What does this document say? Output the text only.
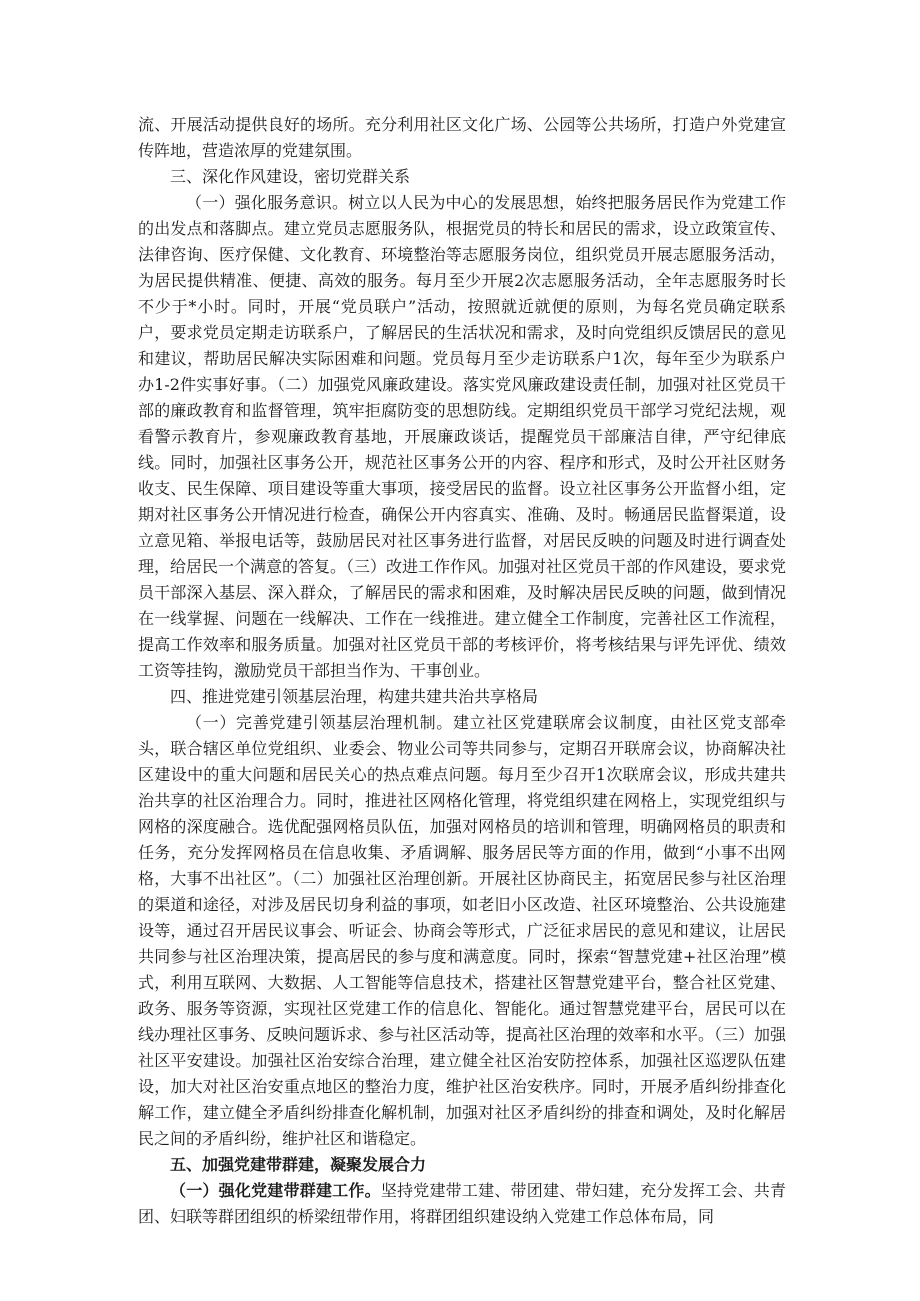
流、开展活动提供良好的场所。充分利用社区文化广场、公园等公共场所，打造户外党建宣传阵地，营造浓厚的党建氛围。

三、深化作风建设，密切党群关系

（一）强化服务意识。树立以人民为中心的发展思想，始终把服务居民作为党建工作的出发点和落脚点。建立党员志愿服务队，根据党员的特长和居民的需求，设立政策宣传、法律咨询、医疗保健、文化教育、环境整治等志愿服务岗位，组织党员开展志愿服务活动，为居民提供精准、便捷、高效的服务。每月至少开展2次志愿服务活动，全年志愿服务时长不少于*小时。同时，开展“党员联户”活动，按照就近就便的原则，为每名党员确定联系户，要求党员定期走访联系户，了解居民的生活状况和需求，及时向党组织反馈居民的意见和建议，帮助居民解决实际困难和问题。党员每月至少走访联系户1次，每年至少为联系户办1-2件实事好事。（二）加强党风廉政建设。落实党风廉政建设责任制，加强对社区党员干部的廉政教育和监督管理，筑牢拒腐防变的思想防线。定期组织党员干部学习党纪法规，观看警示教育片，参观廉政教育基地，开展廉政谈话，提醒党员干部廉洁自律，严守纪律底线。同时，加强社区事务公开，规范社区事务公开的内容、程序和形式，及时公开社区财务收支、民生保障、项目建设等重大事项，接受居民的监督。设立社区事务公开监督小组，定期对社区事务公开情况进行检查，确保公开内容真实、准确、及时。畅通居民监督渠道，设立意见箱、举报电话等，鼓励居民对社区事务进行监督，对居民反映的问题及时进行调查处理，给居民一个满意的答复。（三）改进工作作风。加强对社区党员干部的作风建设，要求党员干部深入基层、深入群众，了解居民的需求和困难，及时解决居民反映的问题，做到情况在一线掌握、问题在一线解决、工作在一线推进。建立健全工作制度，完善社区工作流程，提高工作效率和服务质量。加强对社区党员干部的考核评价，将考核结果与评先评优、绩效工资等挂钩，激励党员干部担当作为、干事创业。

四、推进党建引领基层治理，构建共建共治共享格局

（一）完善党建引领基层治理机制。建立社区党建联席会议制度，由社区党支部牵头，联合辖区单位党组织、业委会、物业公司等共同参与，定期召开联席会议，协商解决社区建设中的重大问题和居民关心的热点难点问题。每月至少召开1次联席会议，形成共建共治共享的社区治理合力。同时，推进社区网格化管理，将党组织建在网格上，实现党组织与网格的深度融合。选优配强网格员队伍，加强对网格员的培训和管理，明确网格员的职责和任务，充分发挥网格员在信息收集、矛盾调解、服务居民等方面的作用，做到“小事不出网格，大事不出社区”。（二）加强社区治理创新。开展社区协商民主，拓宽居民参与社区治理的渠道和途径，对涉及居民切身利益的事项，如老旧小区改造、社区环境整治、公共设施建设等，通过召开居民议事会、听证会、协商会等形式，广泛征求居民的意见和建议，让居民共同参与社区治理决策，提高居民的参与度和满意度。同时，探索“智慧党建+社区治理”模式，利用互联网、大数据、人工智能等信息技术，搭建社区智慧党建平台，整合社区党建、政务、服务等资源，实现社区党建工作的信息化、智能化。通过智慧党建平台，居民可以在线办理社区事务、反映问题诉求、参与社区活动等，提高社区治理的效率和水平。（三）加强社区平安建设。加强社区治安综合治理，建立健全社区治安防控体系，加强社区巡逻队伍建设，加大对社区治安重点地区的整治力度，维护社区治安秩序。同时，开展矛盾纠纷排查化解工作，建立健全矛盾纠纷排查化解机制，加强对社区矛盾纠纷的排查和调处，及时化解居民之间的矛盾纠纷，维护社区和谐稳定。

五、加强党建带群建，凝聚发展合力

（一）强化党建带群建工作。坚持党建带工建、带团建、带妇建，充分发挥工会、共青团、妇联等群团组织的桥梁纽带作用，将群团组织建设纳入党建工作总体布局，同
